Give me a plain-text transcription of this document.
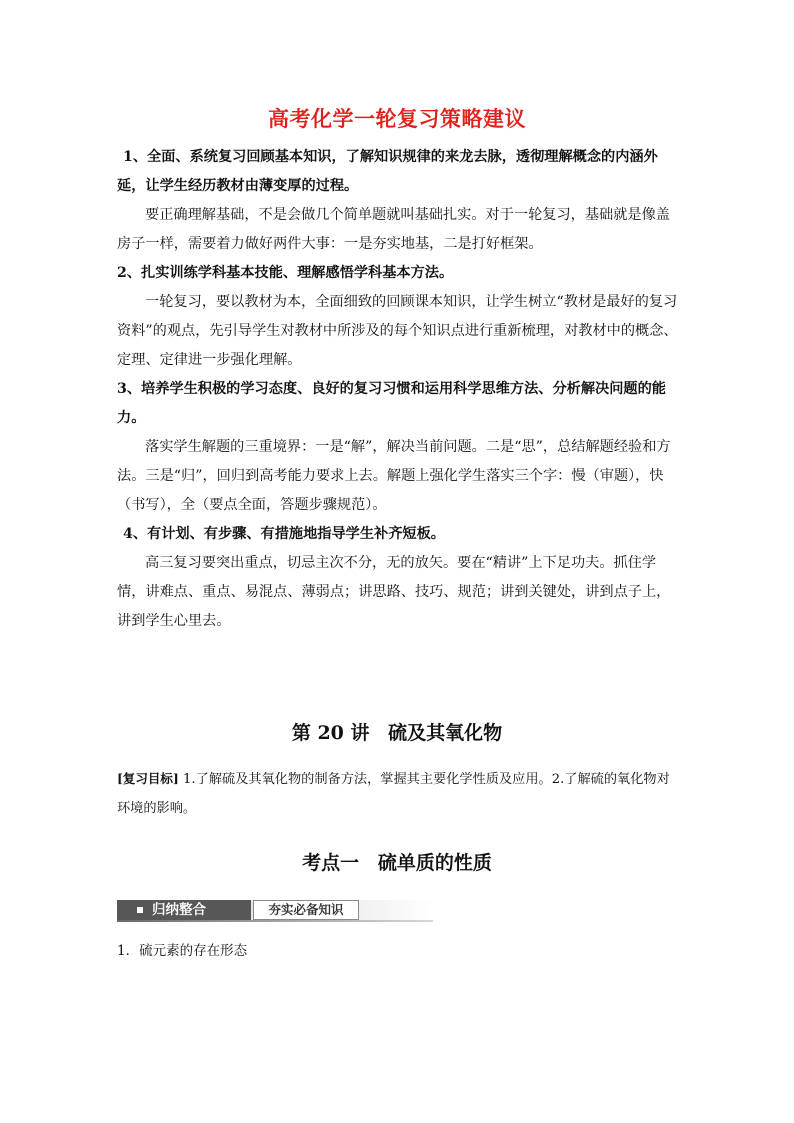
高考化学一轮复习策略建议

1、全面、系统复习回顾基本知识，了解知识规律的来龙去脉，透彻理解概念的内涵外延，让学生经历教材由薄变厚的过程。

要正确理解基础，不是会做几个简单题就叫基础扎实。对于一轮复习，基础就是像盖房子一样，需要着力做好两件大事：一是夯实地基，二是打好框架。

2、扎实训练学科基本技能、理解感悟学科基本方法。

一轮复习，要以教材为本，全面细致的回顾课本知识，让学生树立“教材是最好的复习资料”的观点，先引导学生对教材中所涉及的每个知识点进行重新梳理，对教材中的概念、定理、定律进一步强化理解。

3、培养学生积极的学习态度、良好的复习习惯和运用科学思维方法、分析解决问题的能力。

落实学生解题的三重境界：一是“解”，解决当前问题。二是“思”，总结解题经验和方法。三是“归”，回归到高考能力要求上去。解题上强化学生落实三个字：慢（审题），快（书写），全（要点全面，答题步骤规范）。

4、有计划、有步骤、有措施地指导学生补齐短板。

高三复习要突出重点，切忌主次不分，无的放矢。要在“精讲”上下足功夫。抓住学情，讲难点、重点、易混点、薄弱点；讲思路、技巧、规范；讲到关键处，讲到点子上，讲到学生心里去。

第 20 讲 硫及其氧化物

[复习目标] 1.了解硫及其氧化物的制备方法，掌握其主要化学性质及应用。2.了解硫的氧化物对环境的影响。

考点一 硫单质的性质
归纳整合	夯实必备知识
1．硫元素的存在形态
